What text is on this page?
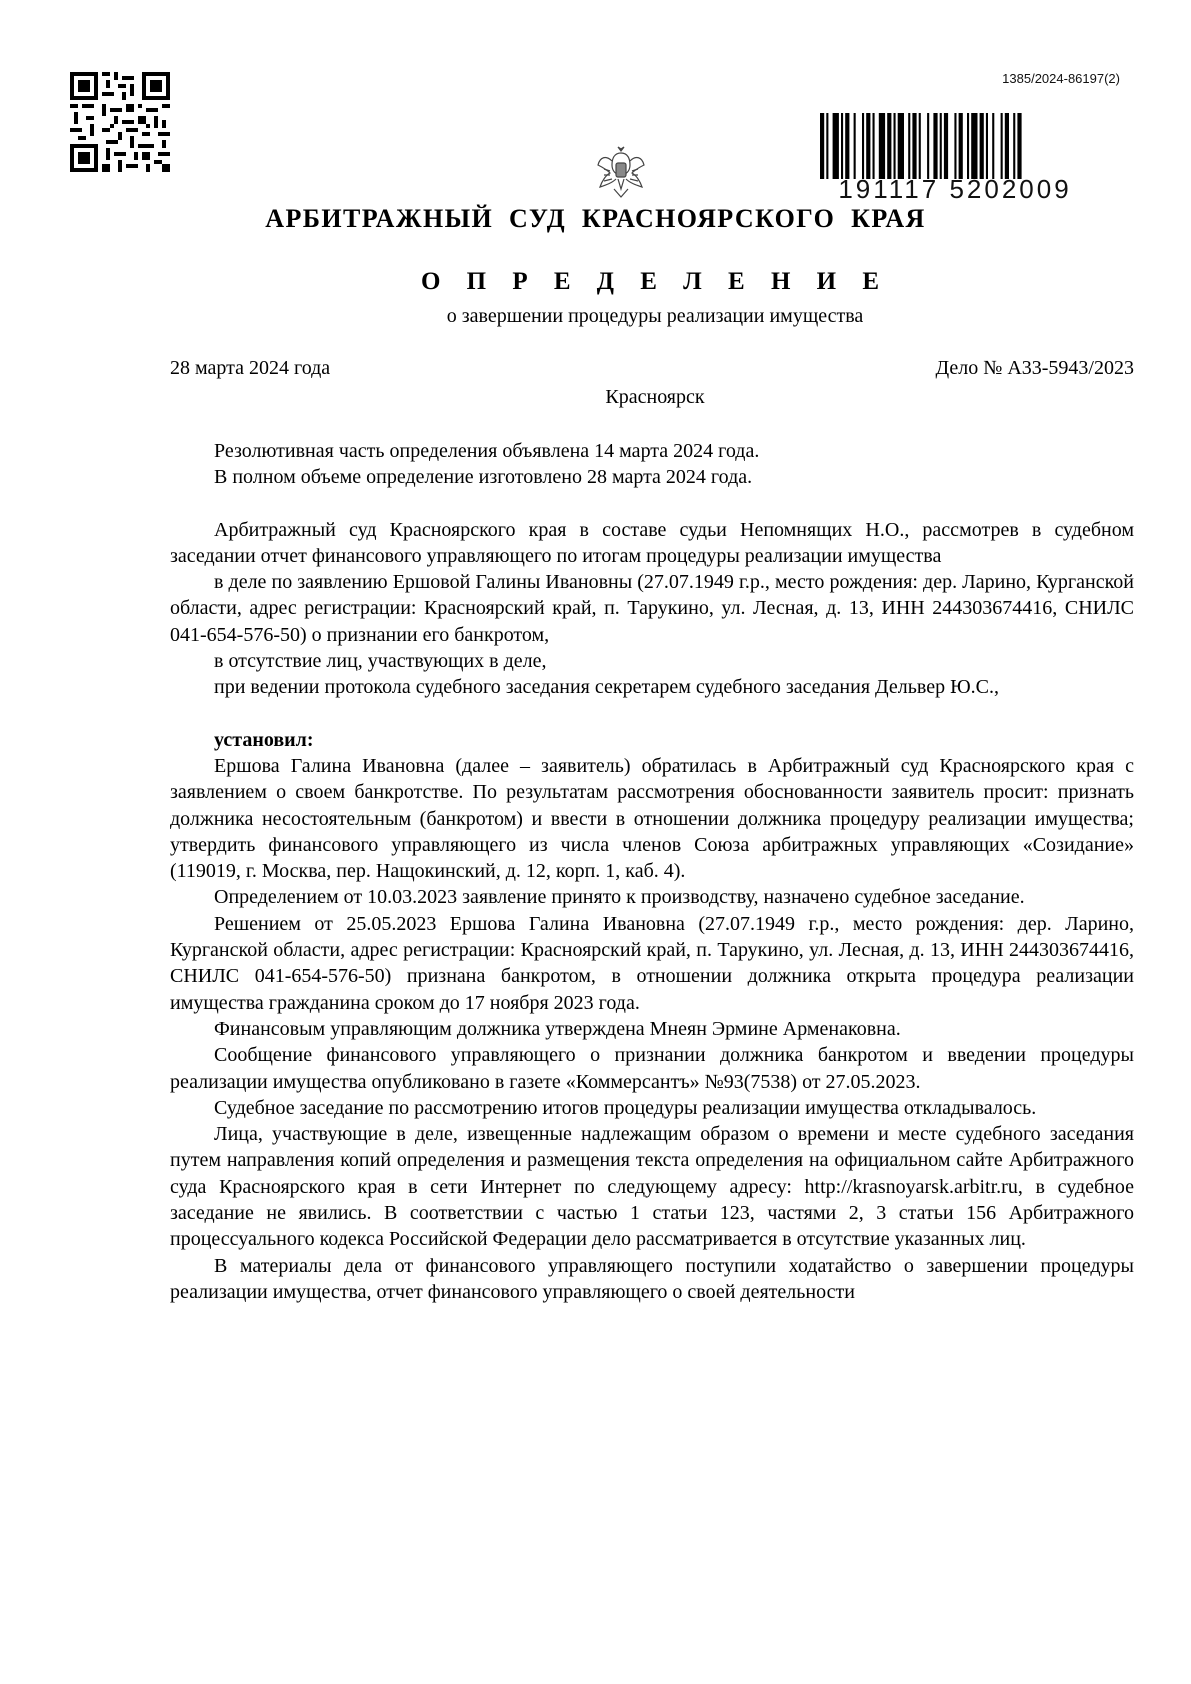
1385/2024-86197(2)
191117 5202009
АРБИТРАЖНЫЙ СУД КРАСНОЯРСКОГО КРАЯ
О П Р Е Д Е Л Е Н И Е
о завершении процедуры реализации имущества
28 марта 2024 года	Дело № А33-5943/2023
Красноярск

Резолютивная часть определения объявлена 14 марта 2024 года.

В полном объеме определение изготовлено 28 марта 2024 года.

Арбитражный суд Красноярского края в составе судьи Непомнящих Н.О., рассмотрев в судебном заседании отчет финансового управляющего по итогам процедуры реализации имущества

в деле по заявлению Ершовой Галины Ивановны (27.07.1949 г.р., место рождения: дер. Ларино, Курганской области, адрес регистрации: Красноярский край, п. Тарукино, ул. Лесная, д. 13, ИНН 244303674416, СНИЛС 041-654-576-50) о признании его банкротом,

в отсутствие лиц, участвующих в деле,

при ведении протокола судебного заседания секретарем судебного заседания Дельвер Ю.С.,

установил:

Ершова Галина Ивановна (далее – заявитель) обратилась в Арбитражный суд Красноярского края с заявлением о своем банкротстве. По результатам рассмотрения обоснованности заявитель просит: признать должника несостоятельным (банкротом) и ввести в отношении должника процедуру реализации имущества; утвердить финансового управляющего из числа членов Союза арбитражных управляющих «Созидание» (119019, г. Москва, пер. Нащокинский, д. 12, корп. 1, каб. 4).

Определением от 10.03.2023 заявление принято к производству, назначено судебное заседание.

Решением от 25.05.2023 Ершова Галина Ивановна (27.07.1949 г.р., место рождения: дер. Ларино, Курганской области, адрес регистрации: Красноярский край, п. Тарукино, ул. Лесная, д. 13, ИНН 244303674416, СНИЛС 041-654-576-50) признана банкротом, в отношении должника открыта процедура реализации имущества гражданина сроком до 17 ноября 2023 года.

Финансовым управляющим должника утверждена Мнеян Эрмине Арменаковна.

Сообщение финансового управляющего о признании должника банкротом и введении процедуры реализации имущества опубликовано в газете «Коммерсантъ» №93(7538) от 27.05.2023.

Судебное заседание по рассмотрению итогов процедуры реализации имущества откладывалось.

Лица, участвующие в деле, извещенные надлежащим образом о времени и месте судебного заседания путем направления копий определения и размещения текста определения на официальном сайте Арбитражного суда Красноярского края в сети Интернет по следующему адресу: http://krasnoyarsk.arbitr.ru, в судебное заседание не явились. В соответствии с частью 1 статьи 123, частями 2, 3 статьи 156 Арбитражного процессуального кодекса Российской Федерации дело рассматривается в отсутствие указанных лиц.

В материалы дела от финансового управляющего поступили ходатайство о завершении процедуры реализации имущества, отчет финансового управляющего о своей деятельности
